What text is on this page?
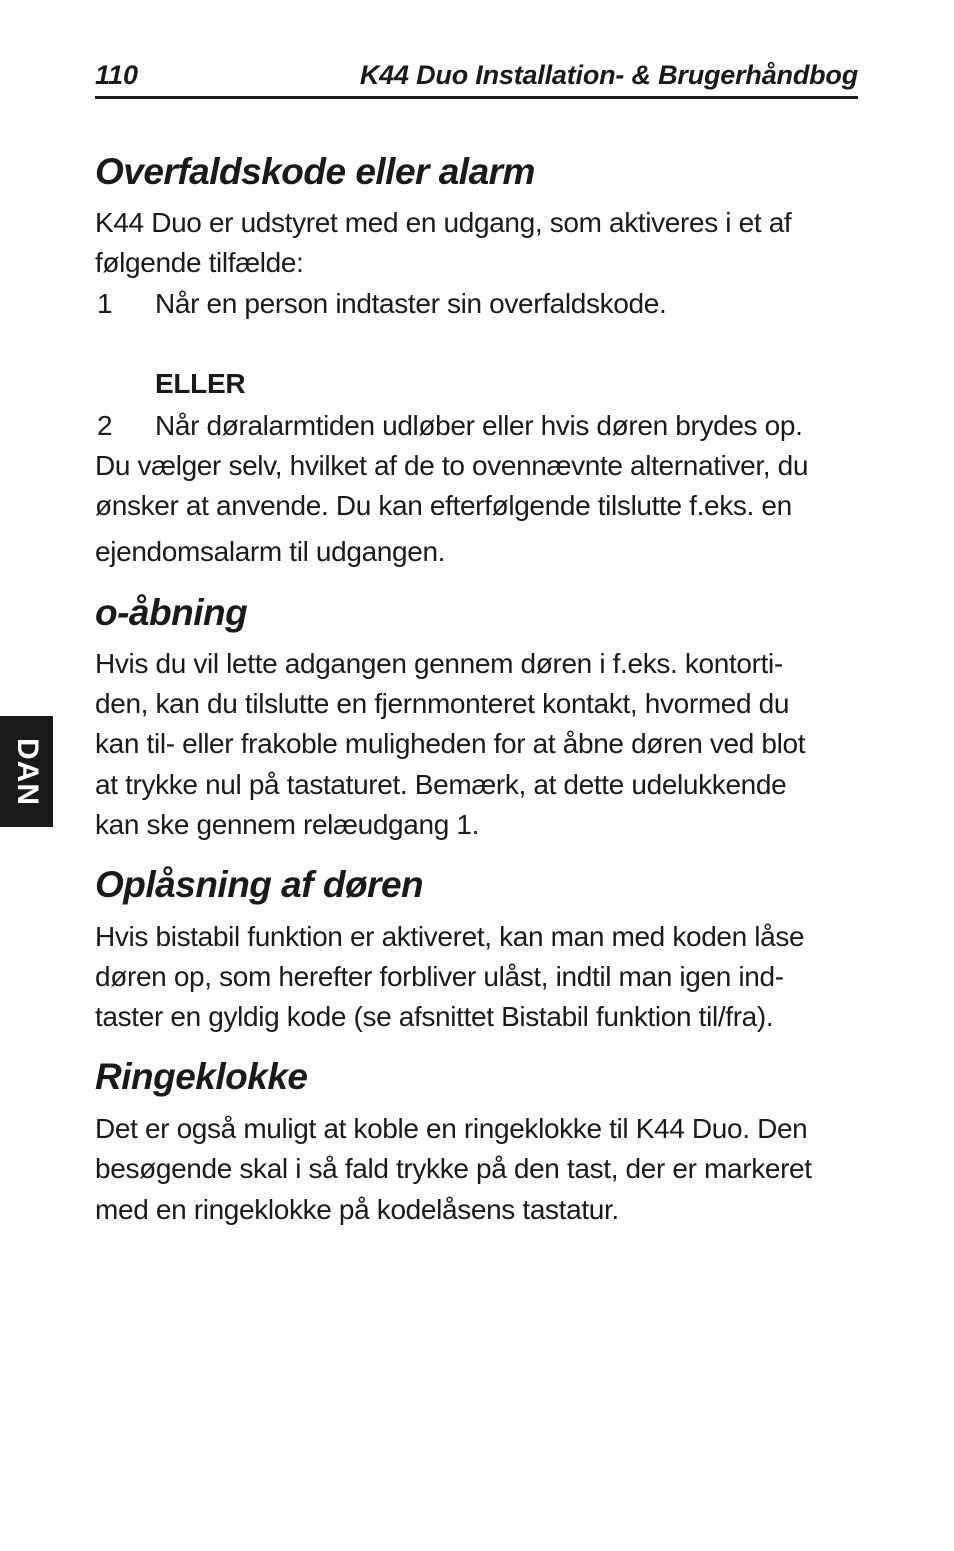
110	K44 Duo Installation- & Brugerhåndbog
DAN
Overfaldskode eller alarm

K44 Duo er udstyret med en udgang, som aktiveres i et af

følgende tilfælde:

1 Når en person indtaster sin overfaldskode.

ELLER
2 Når døralarmtiden udløber eller hvis døren brydes op.

Du vælger selv, hvilket af de to ovennævnte alternativer, du

ønsker at anvende. Du kan efterfølgende tilslutte f.eks. en

ejendomsalarm til udgangen.

o-åbning

Hvis du vil lette adgangen gennem døren i f.eks. kontorti-

den, kan du tilslutte en fjernmonteret kontakt, hvormed du

kan til- eller frakoble muligheden for at åbne døren ved blot

at trykke nul på tastaturet. Bemærk, at dette udelukkende

kan ske gennem relæudgang 1.

Oplåsning af døren

Hvis bistabil funktion er aktiveret, kan man med koden låse

døren op, som herefter forbliver ulåst, indtil man igen ind-

taster en gyldig kode (se afsnittet Bistabil funktion til/fra).

Ringeklokke

Det er også muligt at koble en ringeklokke til K44 Duo. Den

besøgende skal i så fald trykke på den tast, der er markeret

med en ringeklokke på kodelåsens tastatur.
